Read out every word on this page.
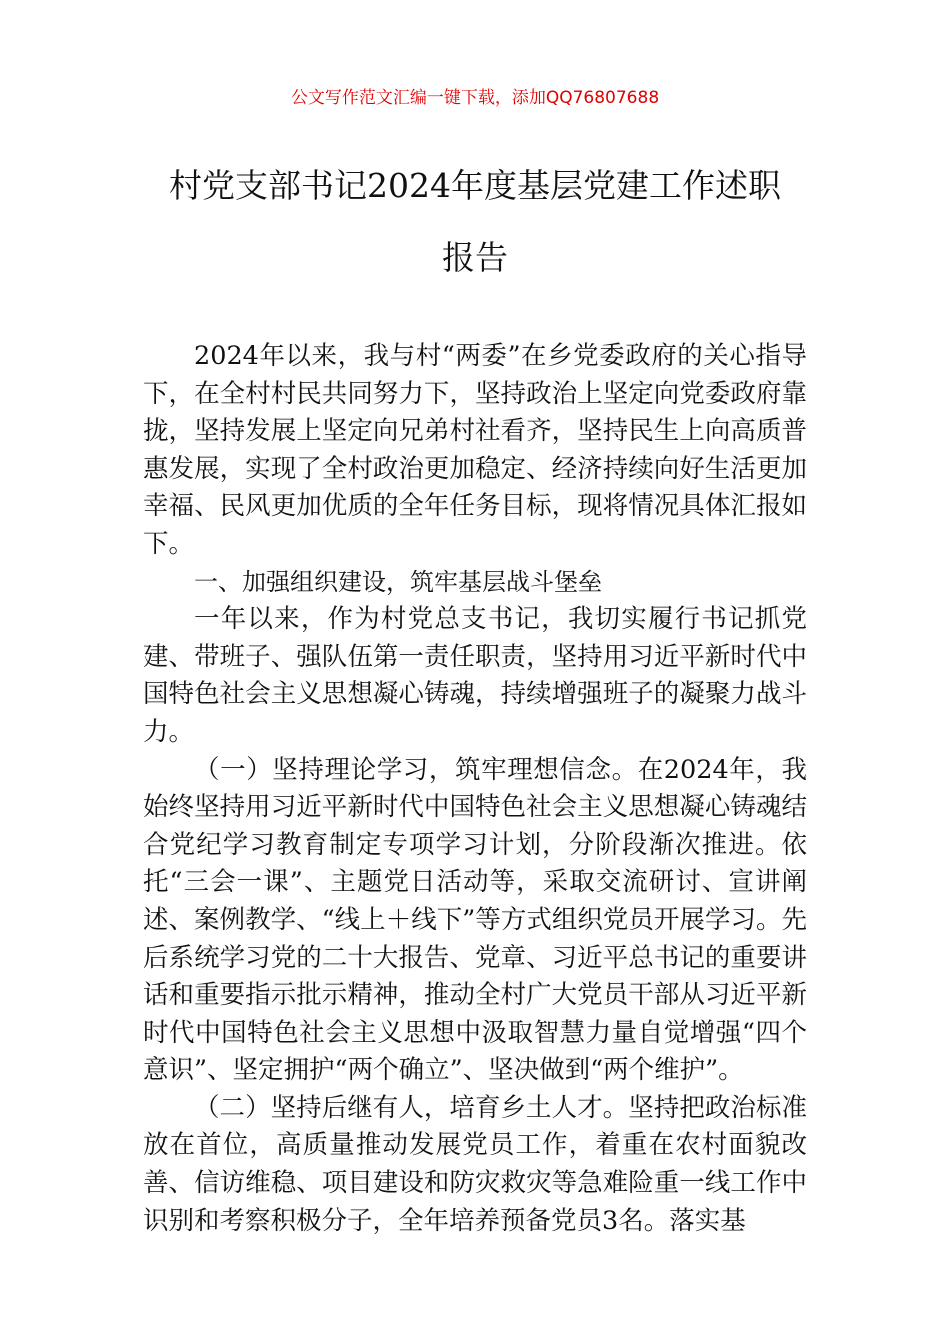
公文写作范文汇编一键下载，添加QQ76807688
村党支部书记2024年度基层党建工作述职
报告

2024年以来，我与村“两委”在乡党委政府的关心指导下，在全村村民共同努力下，坚持政治上坚定向党委政府靠拢，坚持发展上坚定向兄弟村社看齐，坚持民生上向高质普惠发展，实现了全村政治更加稳定、经济持续向好生活更加幸福、民风更加优质的全年任务目标，现将情况具体汇报如下。

一、加强组织建设，筑牢基层战斗堡垒

一年以来，作为村党总支书记，我切实履行书记抓党建、带班子、强队伍第一责任职责，坚持用习近平新时代中国特色社会主义思想凝心铸魂，持续增强班子的凝聚力战斗力。

（一）坚持理论学习，筑牢理想信念。在2024年，我始终坚持用习近平新时代中国特色社会主义思想凝心铸魂结合党纪学习教育制定专项学习计划，分阶段渐次推进。依托“三会一课”、主题党日活动等，采取交流研讨、宣讲阐述、案例教学、“线上＋线下”等方式组织党员开展学习。先后系统学习党的二十大报告、党章、习近平总书记的重要讲话和重要指示批示精神，推动全村广大党员干部从习近平新时代中国特色社会主义思想中汲取智慧力量自觉增强“四个意识”、坚定拥护“两个确立”、坚决做到“两个维护”。

（二）坚持后继有人，培育乡土人才。坚持把政治标准放在首位，高质量推动发展党员工作，着重在农村面貌改善、信访维稳、项目建设和防灾救灾等急难险重一线工作中识别和考察积极分子，全年培养预备党员3名。落实基
